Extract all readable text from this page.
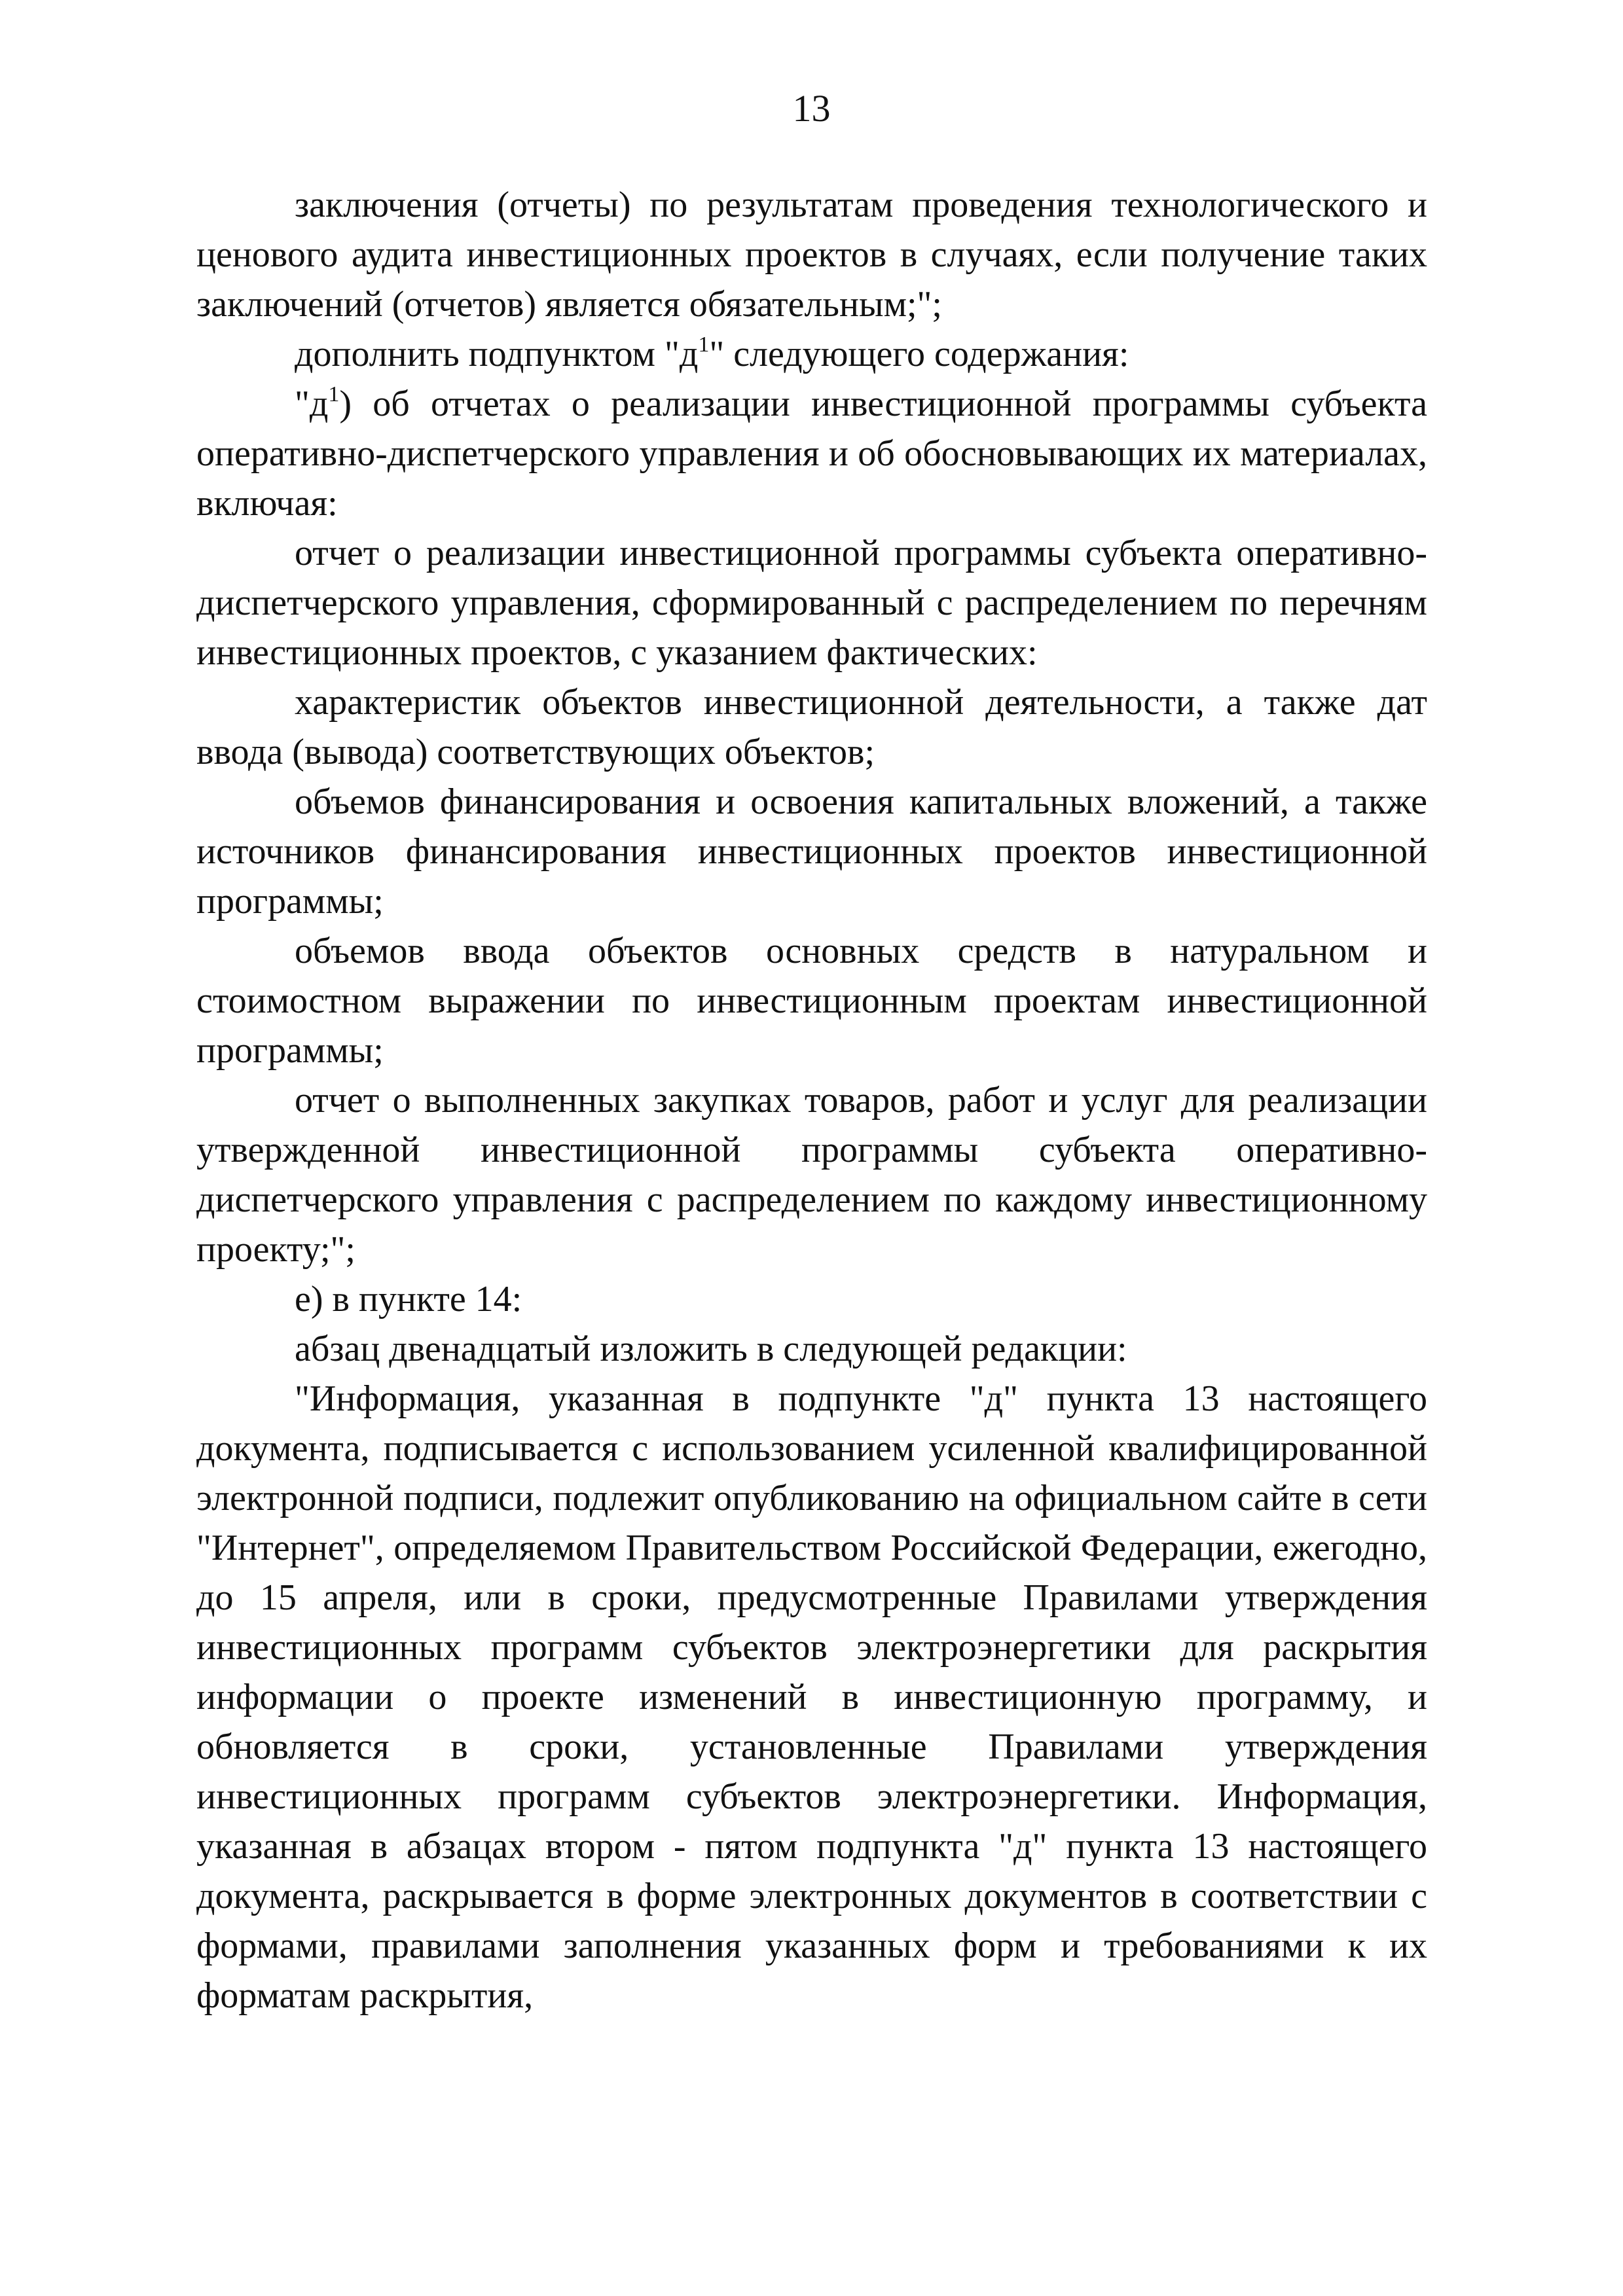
13

заключения (отчеты) по результатам проведения технологического и ценового аудита инвестиционных проектов в случаях, если получение таких заключений (отчетов) является обязательным;";

дополнить подпунктом "$д^1$" следующего содержания:

"$д^1$) об отчетах о реализации инвестиционной программы субъекта оперативно-диспетчерского управления и об обосновывающих их материалах, включая:

отчет о реализации инвестиционной программы субъекта оперативно-диспетчерского управления, сформированный с распределением по перечням инвестиционных проектов, с указанием фактических:

характеристик объектов инвестиционной деятельности, а также дат ввода (вывода) соответствующих объектов;

объемов финансирования и освоения капитальных вложений, а также источников финансирования инвестиционных проектов инвестиционной программы;

объемов ввода объектов основных средств в натуральном и стоимостном выражении по инвестиционным проектам инвестиционной программы;

отчет о выполненных закупках товаров, работ и услуг для реализации утвержденной инвестиционной программы субъекта оперативно-диспетчерского управления с распределением по каждому инвестиционному проекту;";

е) в пункте 14:

абзац двенадцатый изложить в следующей редакции:

"Информация, указанная в подпункте "д" пункта 13 настоящего документа, подписывается с использованием усиленной квалифицированной электронной подписи, подлежит опубликованию на официальном сайте в сети "Интернет", определяемом Правительством Российской Федерации, ежегодно, до 15 апреля, или в сроки, предусмотренные Правилами утверждения инвестиционных программ субъектов электроэнергетики для раскрытия информации о проекте изменений в инвестиционную программу, и обновляется в сроки, установленные Правилами утверждения инвестиционных программ субъектов электроэнергетики. Информация, указанная в абзацах втором - пятом подпункта "д" пункта 13 настоящего документа, раскрывается в форме электронных документов в соответствии с формами, правилами заполнения указанных форм и требованиями к их форматам раскрытия,
